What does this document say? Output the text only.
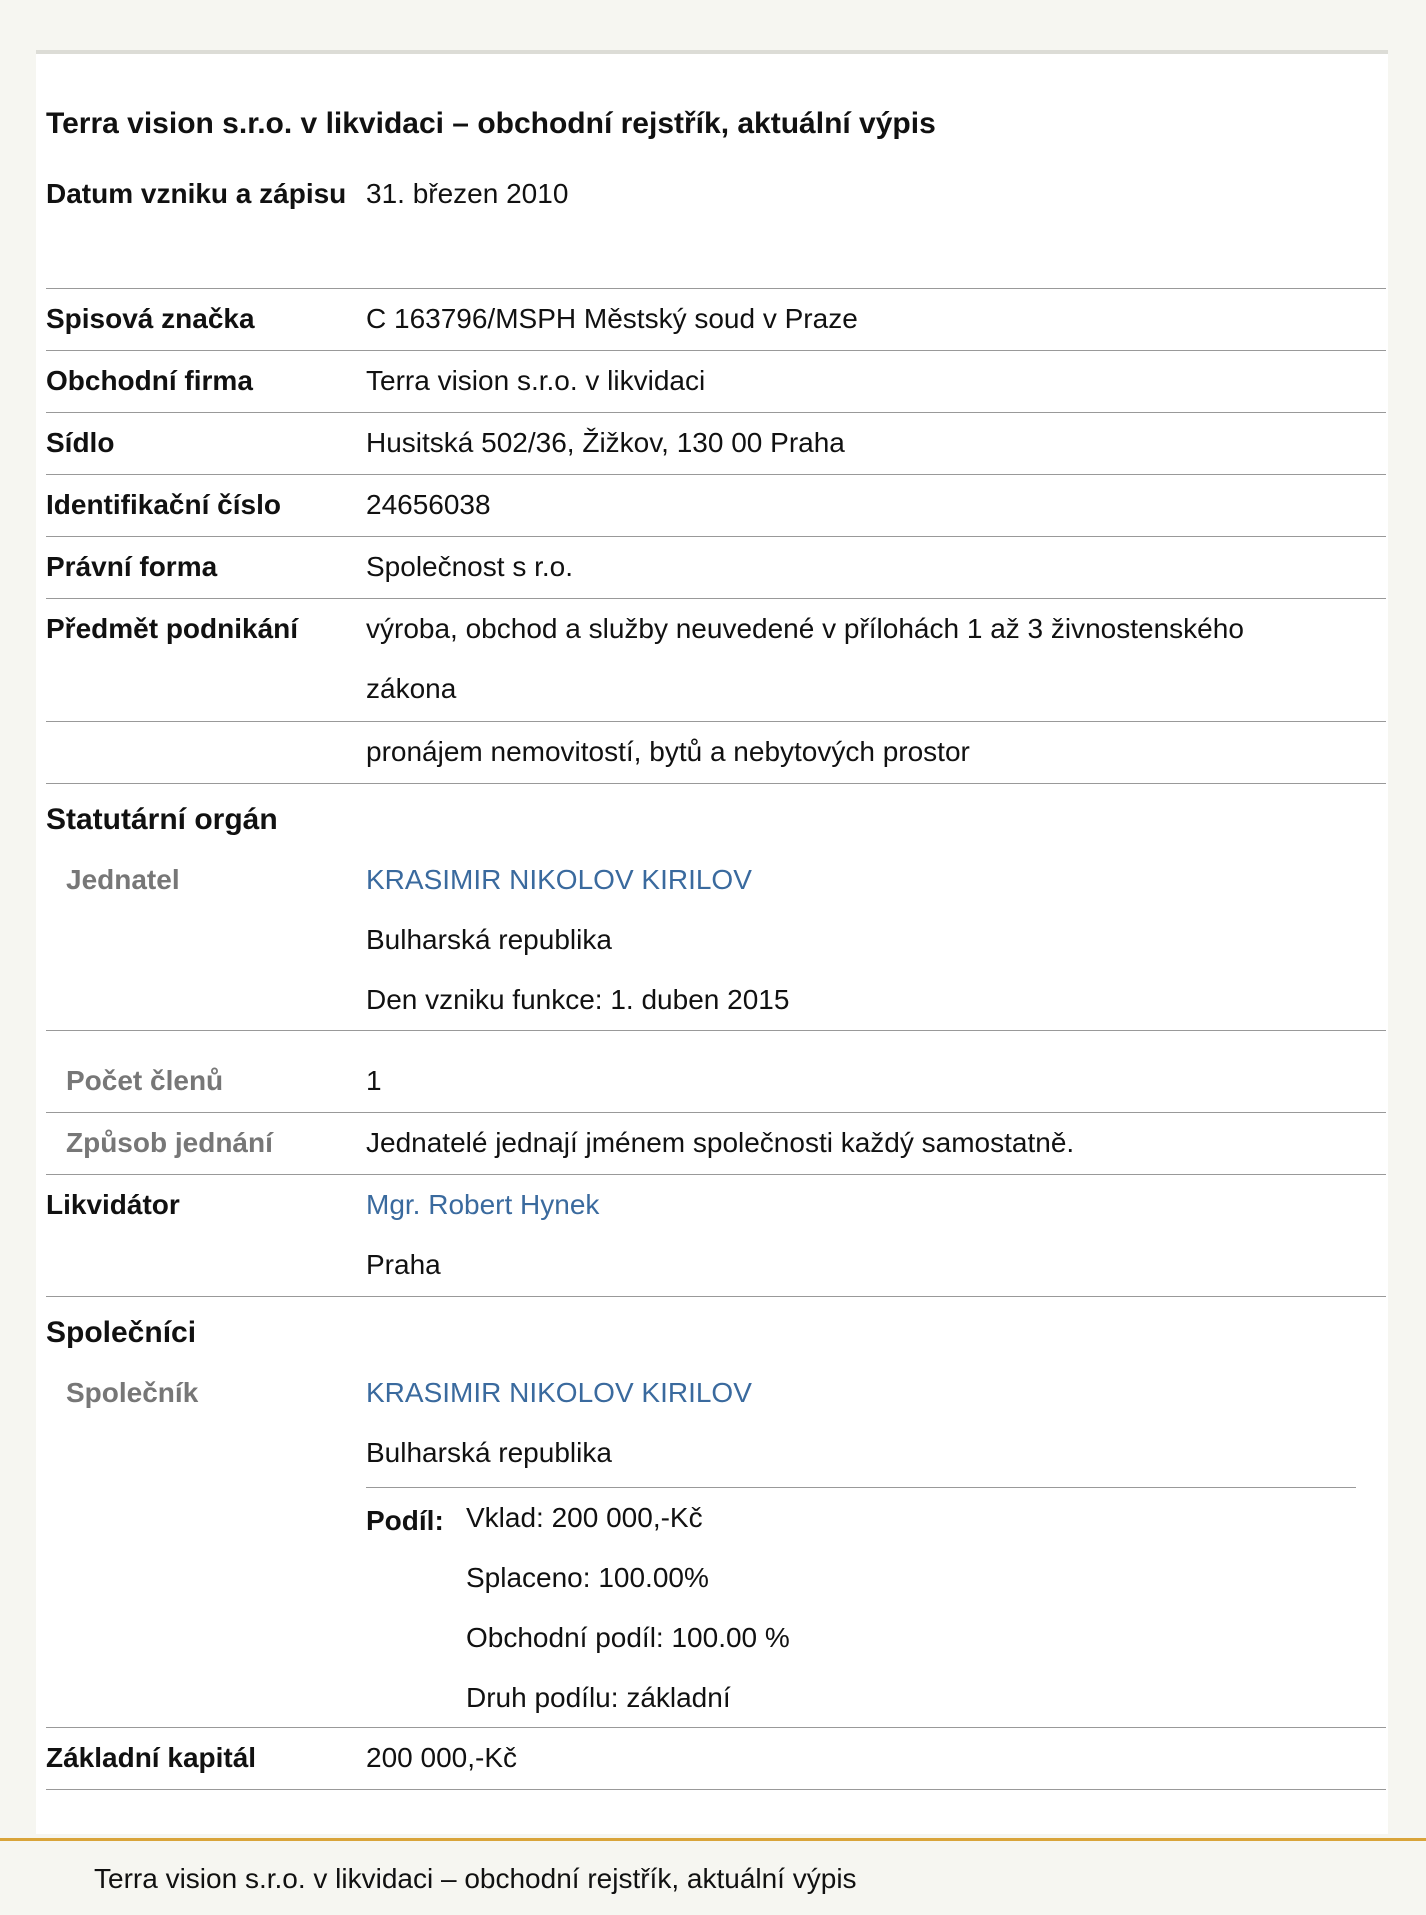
Terra vision s.r.o. v likvidaci – obchodní rejstřík, aktuální výpis
Datum vzniku a zápisu 31. březen 2010
Spisová značka	C 163796/MSPH Městský soud v Praze
Obchodní firma	Terra vision s.r.o. v likvidaci
Sídlo	Husitská 502/36, Žižkov, 130 00 Praha
Identifikační číslo	24656038
Právní forma	Společnost s r.o.
Předmět podnikání	výroba, obchod a služby neuvedené v přílohách 1 až 3 živnostenského zákona
pronájem nemovitostí, bytů a nebytových prostor
Statutární orgán
Jednatel	KRASIMIR NIKOLOV KIRILOV
Bulharská republika
Den vzniku funkce: 1. duben 2015
Počet členů	1
Způsob jednání	Jednatelé jednají jménem společnosti každý samostatně.
Likvidátor	Mgr. Robert Hynek
Praha
Společníci
Společník	KRASIMIR NIKOLOV KIRILOV
Bulharská republika
Podíl: Vklad: 200 000,-Kč
Splaceno: 100.00%
Obchodní podíl: 100.00 %
Druh podílu: základní
Základní kapitál	200 000,-Kč
Terra vision s.r.o. v likvidaci – obchodní rejstřík, aktuální výpis
